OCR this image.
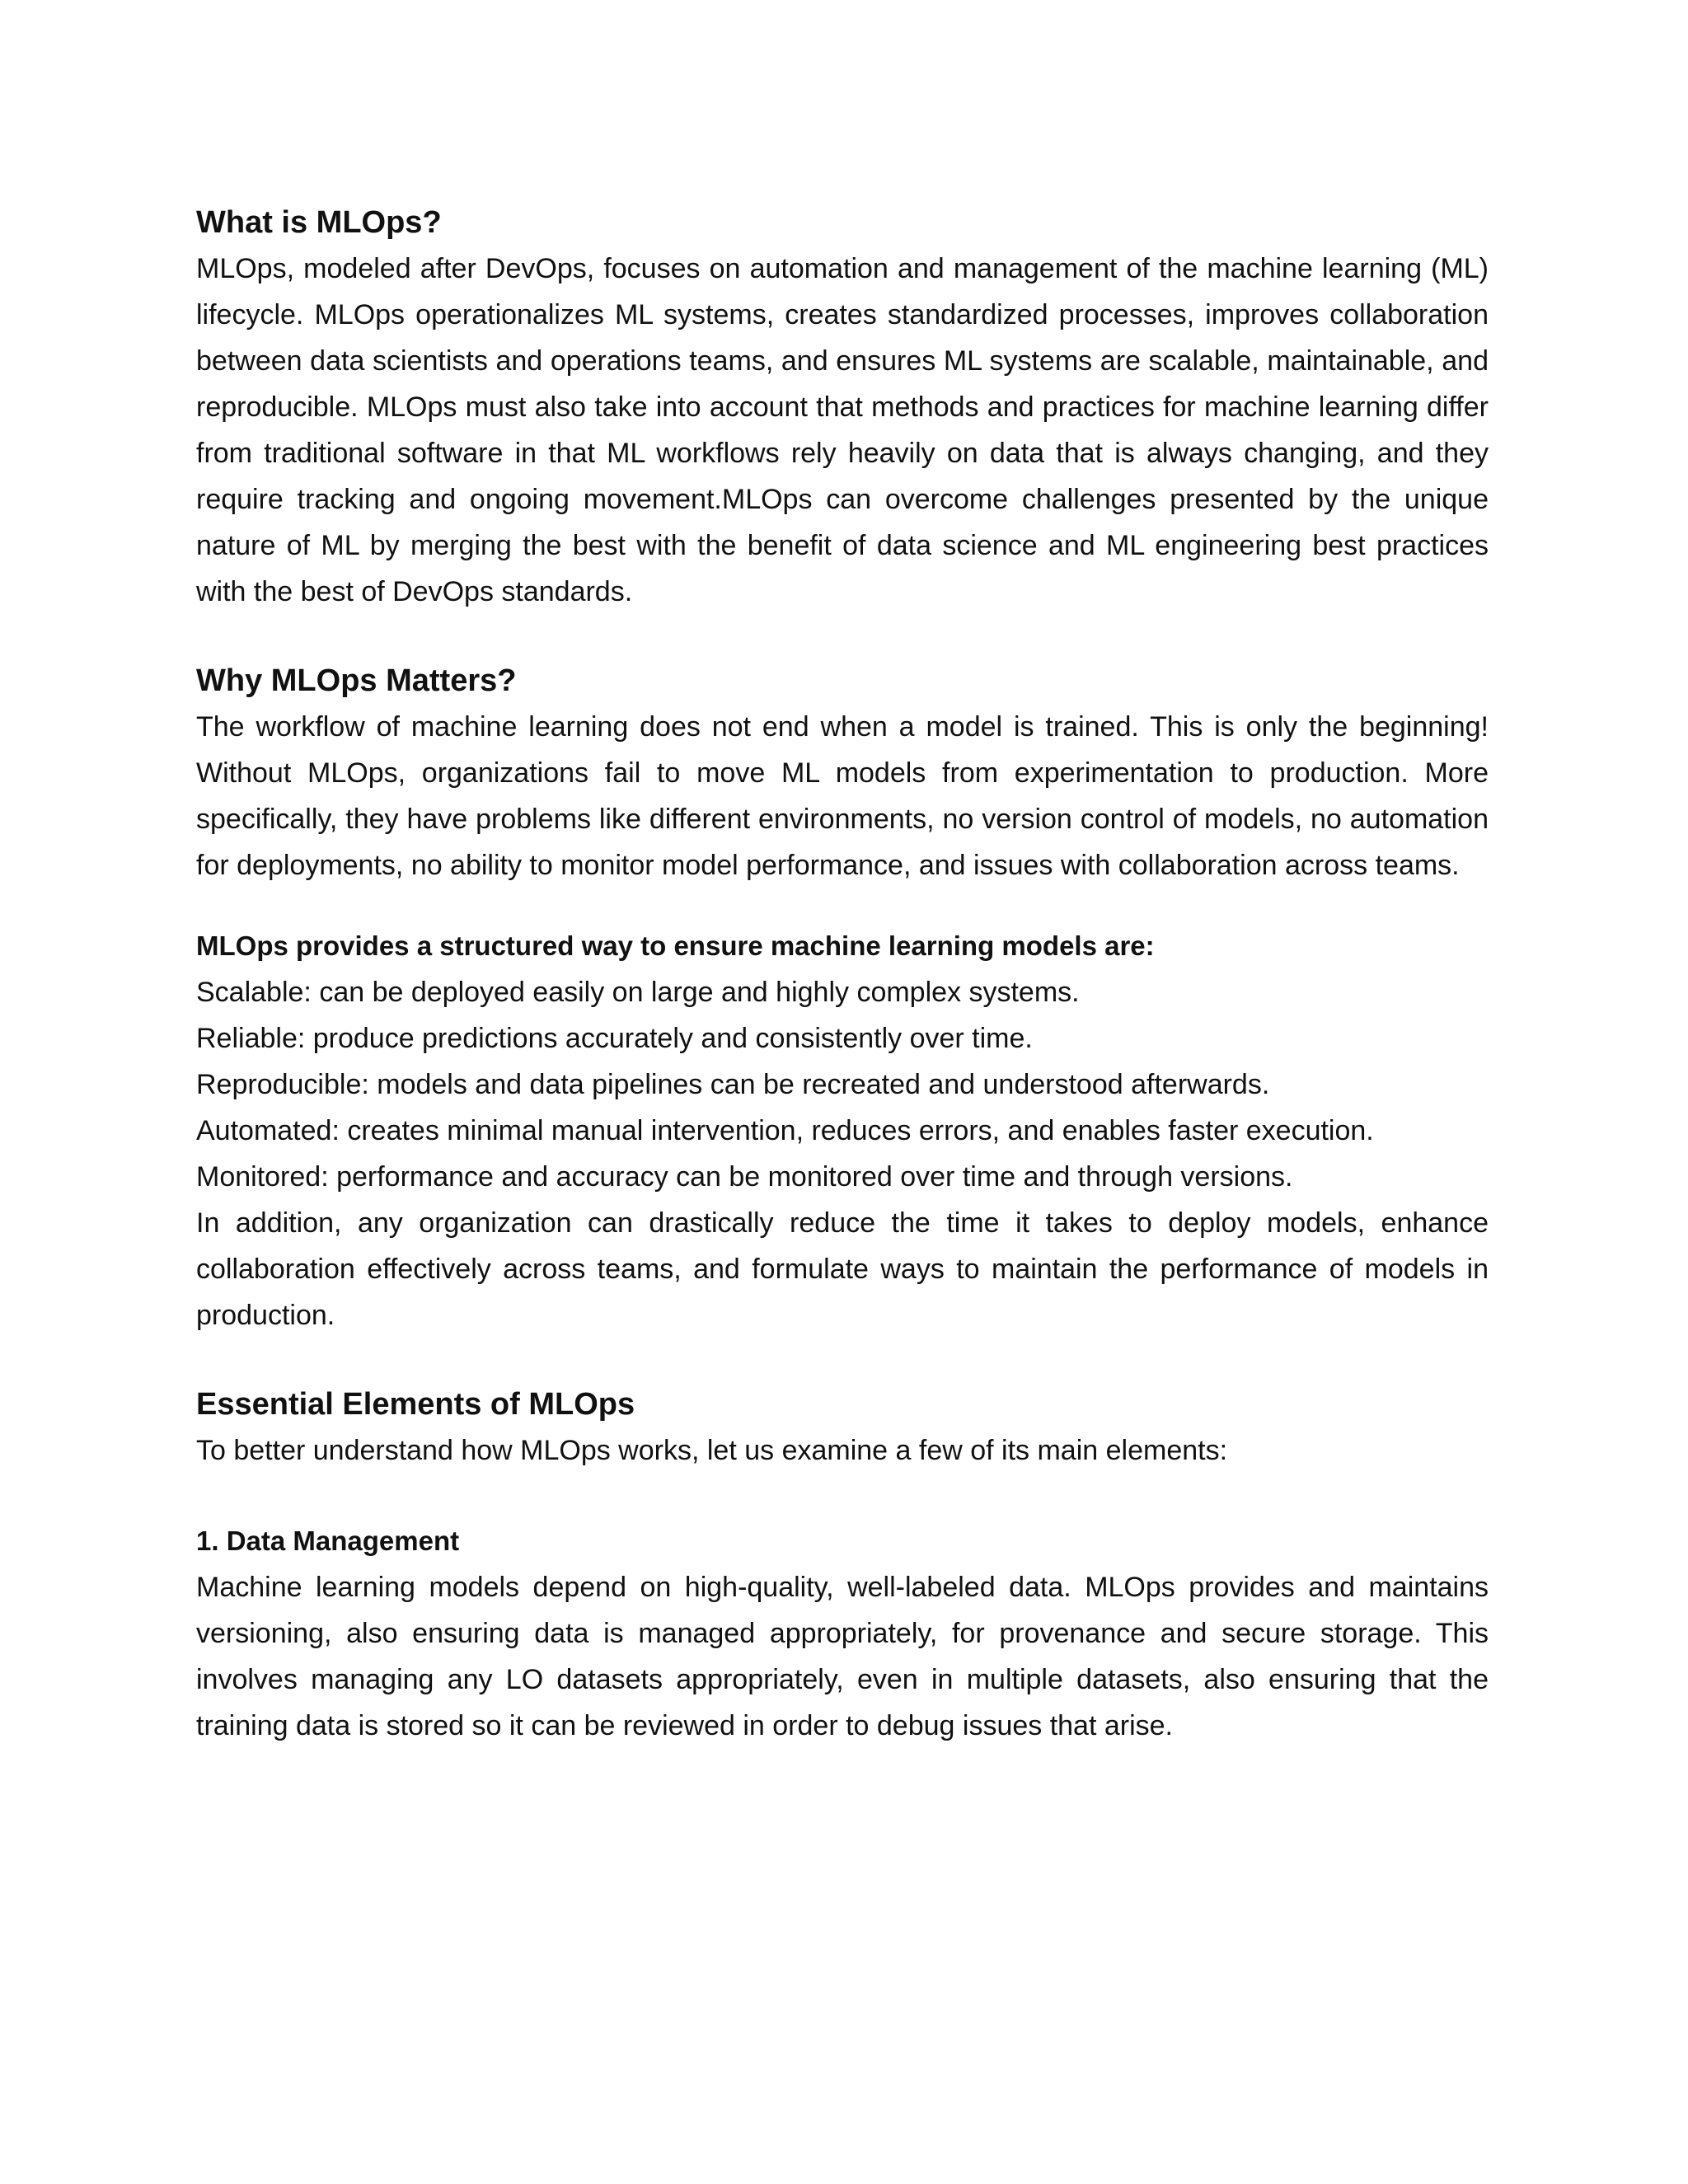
What is MLOps?

MLOps, modeled after DevOps, focuses on automation and management of the machine learning (ML) lifecycle. MLOps operationalizes ML systems, creates standardized processes, improves collaboration between data scientists and operations teams, and ensures ML systems are scalable, maintainable, and reproducible. MLOps must also take into account that methods and practices for machine learning differ from traditional software in that ML workflows rely heavily on data that is always changing, and they require tracking and ongoing movement.MLOps can overcome challenges presented by the unique nature of ML by merging the best with the benefit of data science and ML engineering best practices with the best of DevOps standards.

Why MLOps Matters?

The workflow of machine learning does not end when a model is trained. This is only the beginning! Without MLOps, organizations fail to move ML models from experimentation to production. More specifically, they have problems like different environments, no version control of models, no automation for deployments, no ability to monitor model performance, and issues with collaboration across teams.

MLOps provides a structured way to ensure machine learning models are:
Scalable: can be deployed easily on large and highly complex systems.
Reliable: produce predictions accurately and consistently over time.
Reproducible: models and data pipelines can be recreated and understood afterwards.
Automated: creates minimal manual intervention, reduces errors, and enables faster execution.
Monitored: performance and accuracy can be monitored over time and through versions.

In addition, any organization can drastically reduce the time it takes to deploy models, enhance collaboration effectively across teams, and formulate ways to maintain the performance of models in production.

Essential Elements of MLOps

To better understand how MLOps works, let us examine a few of its main elements:

1. Data Management

Machine learning models depend on high-quality, well-labeled data. MLOps provides and maintains versioning, also ensuring data is managed appropriately, for provenance and secure storage. This involves managing any LO datasets appropriately, even in multiple datasets, also ensuring that the training data is stored so it can be reviewed in order to debug issues that arise.
